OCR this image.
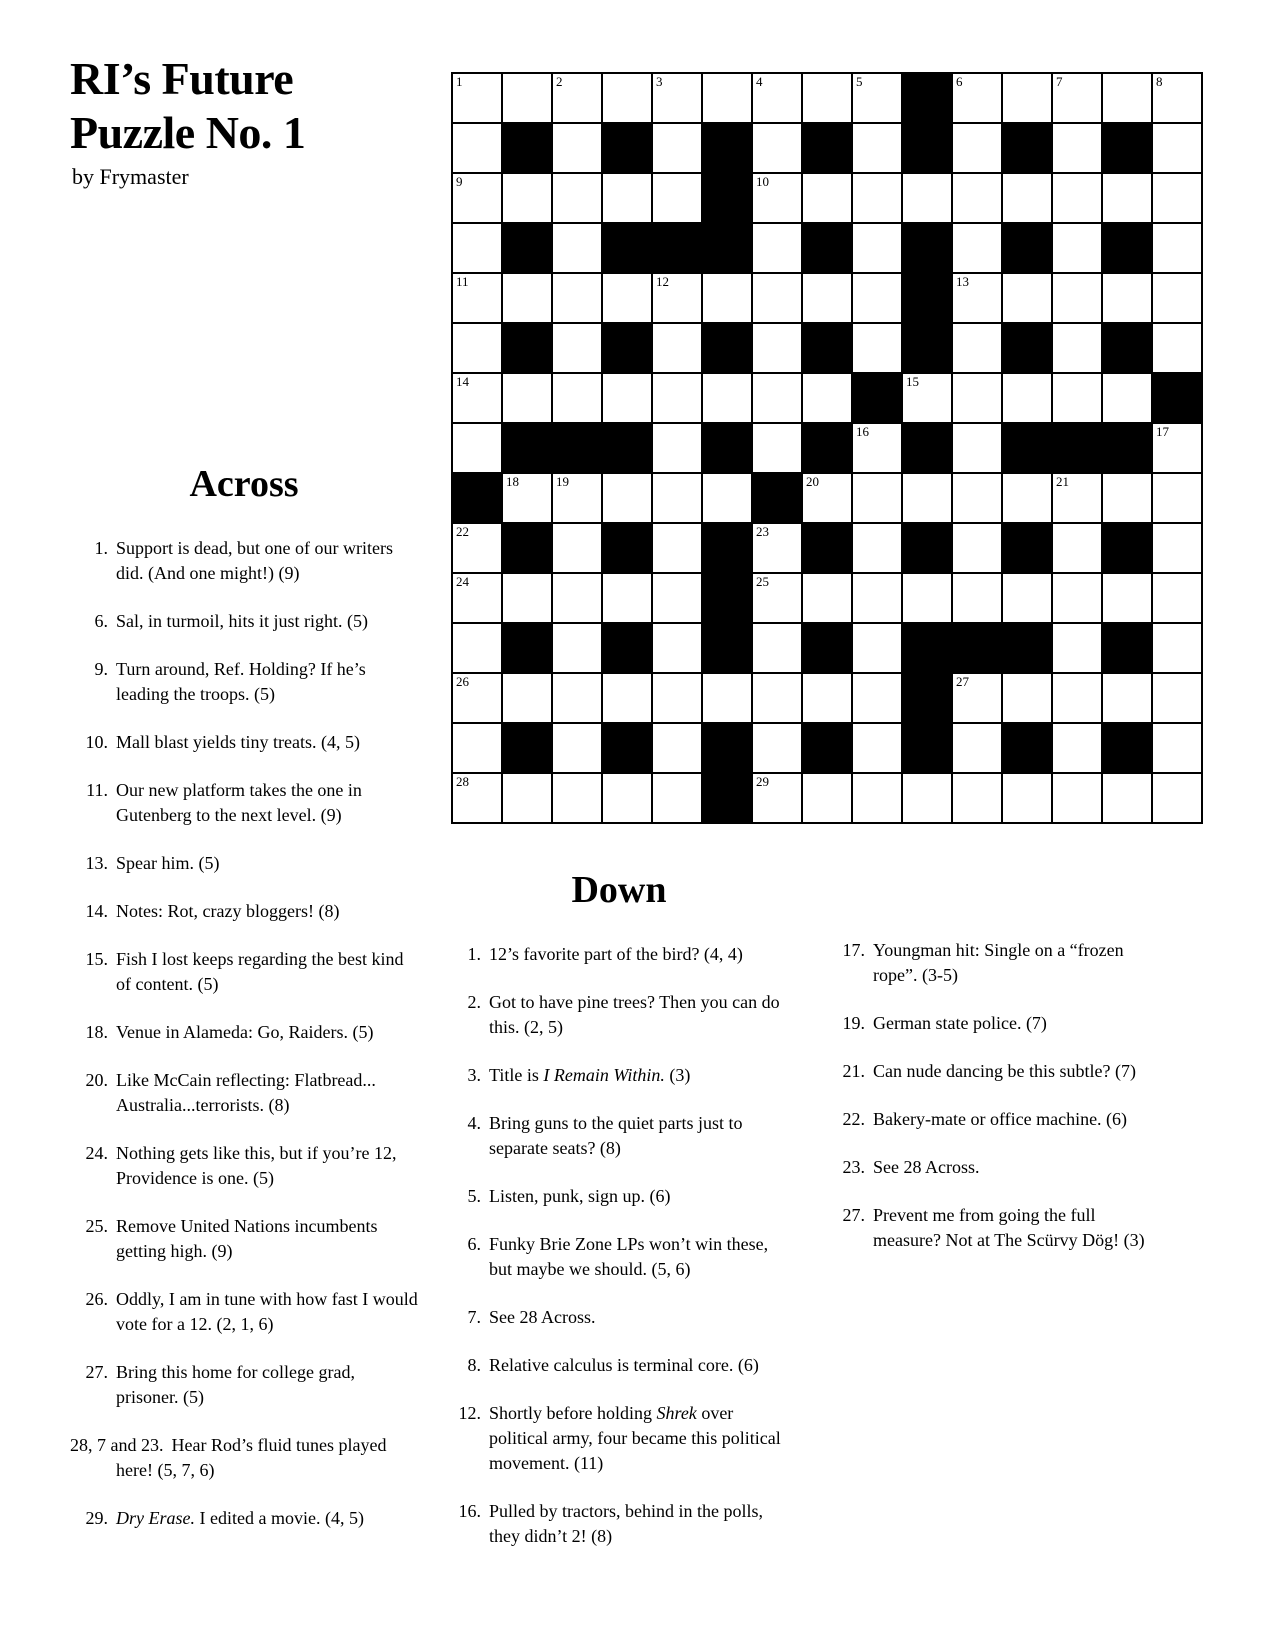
RI’s Future
Puzzle No. 1
by Frymaster
1	2	3	4	5	6	7	8
9	10
11	12	13
14	15
16	17
18	19	20	21
22	23
24	25
26	27
28	29
Across
1. Support is dead, but one of our writers did. (And one might!) (9)
6. Sal, in turmoil, hits it just right. (5)
9. Turn around, Ref. Holding? If he’s leading the troops. (5)
10. Mall blast yields tiny treats. (4, 5)
11. Our new platform takes the one in Gutenberg to the next level. (9)
13. Spear him. (5)
14. Notes: Rot, crazy bloggers! (8)
15. Fish I lost keeps regarding the best kind of content. (5)
18. Venue in Alameda: Go, Raiders. (5)
20. Like McCain reflecting: Flatbread... Australia...terrorists. (8)
24. Nothing gets like this, but if you’re 12, Providence is one. (5)
25. Remove United Nations incumbents getting high. (9)
26. Oddly, I am in tune with how fast I would vote for a 12. (2, 1, 6)
27. Bring this home for college grad, prisoner. (5)
28, 7 and 23. Hear Rod’s fluid tunes played here! (5, 7, 6)
29. Dry Erase. I edited a movie. (4, 5)
Down
1. 12’s favorite part of the bird? (4, 4)
2. Got to have pine trees? Then you can do this. (2, 5)
3. Title is I Remain Within. (3)
4. Bring guns to the quiet parts just to separate seats? (8)
5. Listen, punk, sign up. (6)
6. Funky Brie Zone LPs won’t win these, but maybe we should. (5, 6)
7. See 28 Across.
8. Relative calculus is terminal core. (6)
12. Shortly before holding Shrek over political army, four became this political movement. (11)
16. Pulled by tractors, behind in the polls, they didn’t 2! (8)
17. Youngman hit: Single on a “frozen rope”. (3-5)
19. German state police. (7)
21. Can nude dancing be this subtle? (7)
22. Bakery-mate or office machine. (6)
23. See 28 Across.
27. Prevent me from going the full measure? Not at The Scürvy Dög! (3)
